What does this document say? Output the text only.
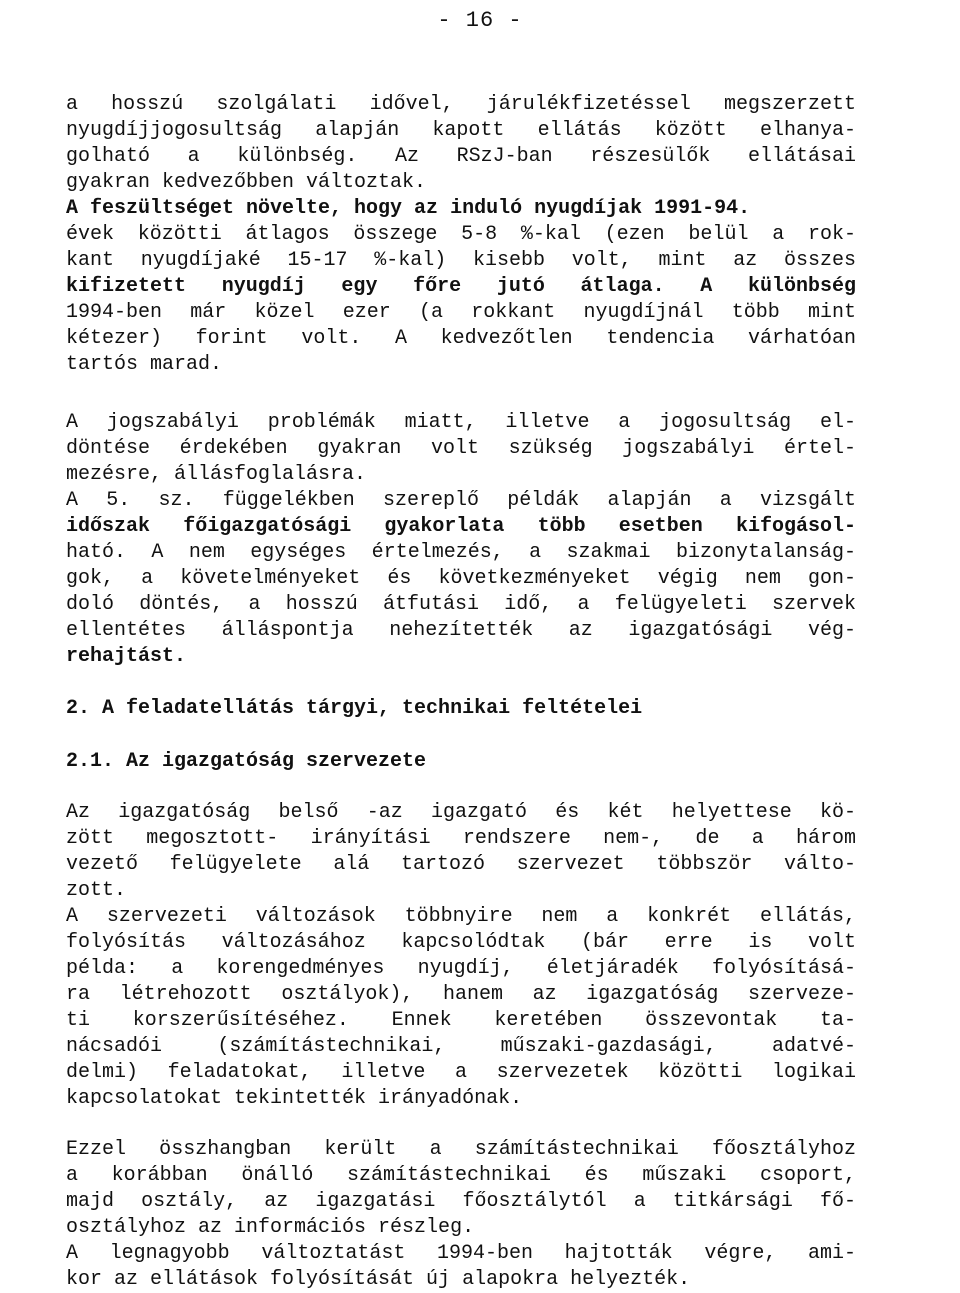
- 16 -
a hosszú szolgálati idővel, járulékfizetéssel megszerzett
nyugdíjjogosultság alapján kapott ellátás között elhanya-
golható a különbség. Az RSzJ-ban részesülők ellátásai
gyakran kedvezőbben változtak.
A feszültséget növelte, hogy az induló nyugdíjak 1991-94.
évek közötti átlagos összege 5-8 %-kal (ezen belül a rok-
kant nyugdíjaké 15-17 %-kal) kisebb volt, mint az összes
kifizetett nyugdíj egy főre jutó átlaga. A különbség
1994-ben már közel ezer (a rokkant nyugdíjnál több mint
kétezer) forint volt. A kedvezőtlen tendencia várhatóan
tartós marad.
A jogszabályi problémák miatt, illetve a jogosultság el-
döntése érdekében gyakran volt szükség jogszabályi értel-
mezésre, állásfoglalásra.
A 5. sz. függelékben szereplő példák alapján a vizsgált
időszak főigazgatósági gyakorlata több esetben kifogásol-
ható. A nem egységes értelmezés, a szakmai bizonytalanság-
gok, a követelményeket és következményeket végig nem gon-
doló döntés, a hosszú átfutási idő, a felügyeleti szervek
ellentétes álláspontja nehezítették az igazgatósági vég-
rehajtást.
2. A feladatellátás tárgyi, technikai feltételei
2.1. Az igazgatóság szervezete
Az igazgatóság belső -az igazgató és két helyettese kö-
zött megosztott- irányítási rendszere nem-, de a három
vezető felügyelete alá tartozó szervezet többször válto-
zott.
A szervezeti változások többnyire nem a konkrét ellátás,
folyósítás változásához kapcsolódtak (bár erre is volt
példa: a korengedményes nyugdíj, életjáradék folyósításá-
ra létrehozott osztályok), hanem az igazgatóság szerveze-
ti korszerűsítéséhez. Ennek keretében összevontak ta-
nácsadói (számítástechnikai, műszaki-gazdasági, adatvé-
delmi) feladatokat, illetve a szervezetek közötti logikai
kapcsolatokat tekintették irányadónak.
Ezzel összhangban került a számítástechnikai főosztályhoz
a korábban önálló számítástechnikai és műszaki csoport,
majd osztály, az igazgatási főosztálytól a titkársági fő-
osztályhoz az információs részleg.
A legnagyobb változtatást 1994-ben hajtották végre, ami-
kor az ellátások folyósítását új alapokra helyezték.
